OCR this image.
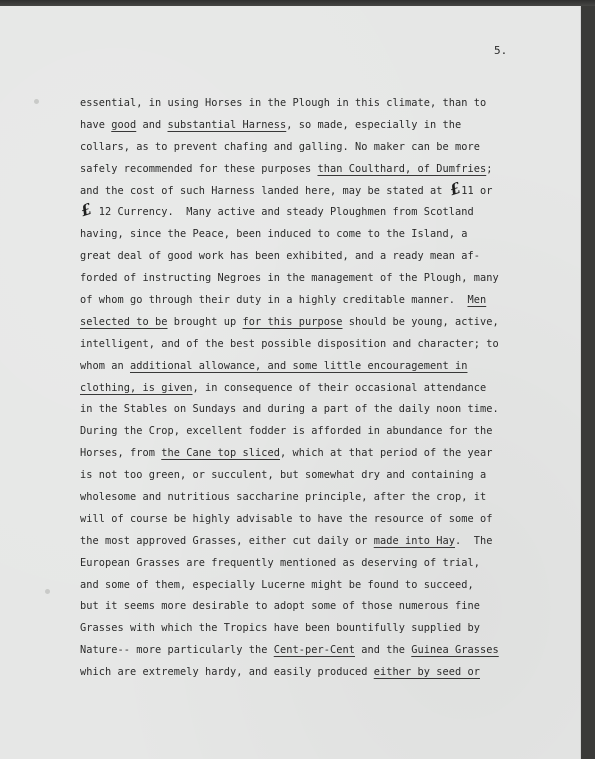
5.
essential, in using Horses in the Plough in this climate, than to
have good and substantial Harness, so made, especially in the
collars, as to prevent chafing and galling. No maker can be more
safely recommended for these purposes than Coulthard, of Dumfries;
and the cost of such Harness landed here, may be stated at £11 or
£ 12 Currency.  Many active and steady Ploughmen from Scotland
having, since the Peace, been induced to come to the Island, a
great deal of good work has been exhibited, and a ready mean af-
forded of instructing Negroes in the management of the Plough, many
of whom go through their duty in a highly creditable manner.  Men
selected to be brought up for this purpose should be young, active,
intelligent, and of the best possible disposition and character; to
whom an additional allowance, and some little encouragement in
clothing, is given, in consequence of their occasional attendance
in the Stables on Sundays and during a part of the daily noon time.
During the Crop, excellent fodder is afforded in abundance for the
Horses, from the Cane top sliced, which at that period of the year
is not too green, or succulent, but somewhat dry and containing a
wholesome and nutritious saccharine principle, after the crop, it
will of course be highly advisable to have the resource of some of
the most approved Grasses, either cut daily or made into Hay.  The
European Grasses are frequently mentioned as deserving of trial,
and some of them, especially Lucerne might be found to succeed,
but it seems more desirable to adopt some of those numerous fine
Grasses with which the Tropics have been bountifully supplied by
Nature-- more particularly the Cent-per-Cent and the Guinea Grasses
which are extremely hardy, and easily produced either by seed or
